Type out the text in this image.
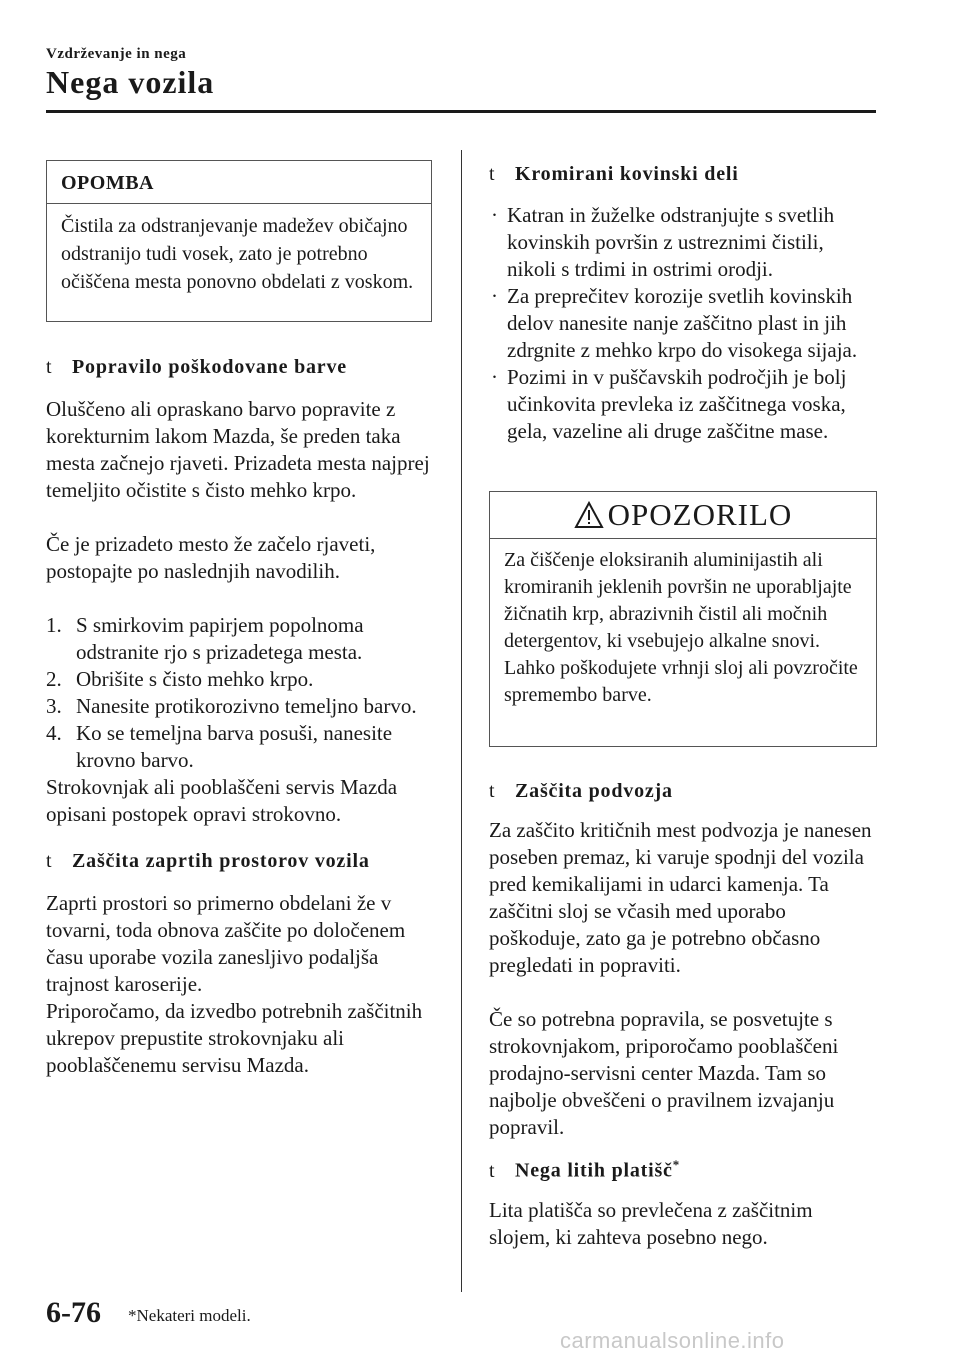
Vzdrževanje in nega
Nega vozila
OPOMBA
Čistila za odstranjevanje madežev običajno odstranijo tudi vosek, zato je potrebno očiščena mesta ponovno obdelati z voskom.
t Popravilo poškodovane barve

Oluščeno ali opraskano barvo popravite z korekturnim lakom Mazda, še preden taka mesta začnejo rjaveti. Prizadeta mesta najprej temeljito očistite s čisto mehko krpo.

Če je prizadeto mesto že začelo rjaveti, postopajte po naslednjih navodilih.

1. S smirkovim papirjem popolnoma odstranite rjo s prizadetega mesta.
2. Obrišite s čisto mehko krpo.
3. Nanesite protikorozivno temeljno barvo.
4. Ko se temeljna barva posuši, nanesite krovno barvo.

Strokovnjak ali pooblaščeni servis Mazda opisani postopek opravi strokovno.

t Zaščita zaprtih prostorov vozila

Zaprti prostori so primerno obdelani že v tovarni, toda obnova zaščite po določenem času uporabe vozila zanesljivo podaljša trajnost karoserije.

Priporočamo, da izvedbo potrebnih zaščitnih ukrepov prepustite strokovnjaku ali pooblaščenemu servisu Mazda.

t Kromirani kovinski deli
· Katran in žuželke odstranjujte s svetlih kovinskih površin z ustreznimi čistili, nikoli s trdimi in ostrimi orodji.
· Za preprečitev korozije svetlih kovinskih delov nanesite nanje zaščitno plast in jih zdrgnite z mehko krpo do visokega sijaja.
· Pozimi in v puščavskih področjih je bolj učinkovita prevleka iz zaščitnega voska, gela, vazeline ali druge zaščitne mase.
OPOZORILO
Za čiščenje eloksiranih aluminijastih ali kromiranih jeklenih površin ne uporabljajte žičnatih krp, abrazivnih čistil ali močnih detergentov, ki vsebujejo alkalne snovi. Lahko poškodujete vrhnji sloj ali povzročite spremembo barve.
t Zaščita podvozja

Za zaščito kritičnih mest podvozja je nanesen poseben premaz, ki varuje spodnji del vozila pred kemikalijami in udarci kamenja. Ta zaščitni sloj se včasih med uporabo poškoduje, zato ga je potrebno občasno pregledati in popraviti.

Če so potrebna popravila, se posvetujte s strokovnjakom, priporočamo pooblaščeni prodajno-servisni center Mazda. Tam so najbolje obveščeni o pravilnem izvajanju popravil.

t Nega litih platišč*

Lita platišča so prevlečena z zaščitnim slojem, ki zahteva posebno nego.

6-76 *Nekateri modeli.
carmanualsonline.info
